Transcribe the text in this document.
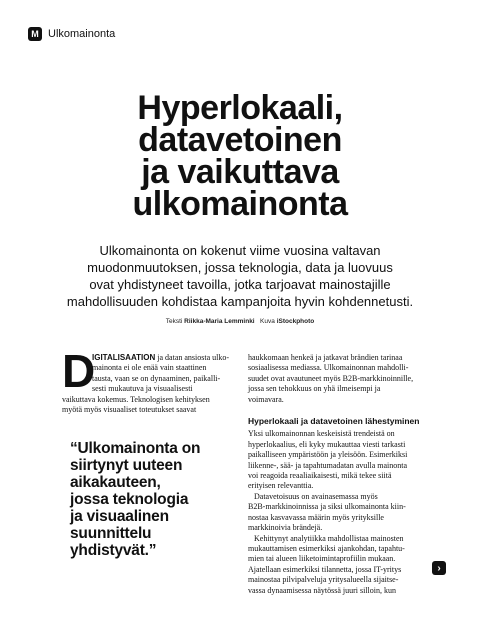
M Ulkomainonta
Hyperlokaali,
datavetoinen
ja vaikuttava
ulkomainonta
Ulkomainonta on kokenut viime vuosina valtavan
muodonmuutoksen, jossa teknologia, data ja luovuus
ovat yhdistyneet tavoilla, jotka tarjoavat mainostajille
mahdollisuuden kohdistaa kampanjoita hyvin kohdennetusti.
Teksti Riikka-Maria Lemminki Kuva iStockphoto
D
IGITALISAATION ja datan ansiosta ulko-
mainonta ei ole enää vain staattinen
tausta, vaan se on dynaaminen, paikalli-
sesti mukautuva ja visuaalisesti
vaikuttava kokemus. Teknologisen kehityksen
myötä myös visuaaliset toteutukset saavat
“Ulkomainonta on
siirtynyt uuteen
aikakauteen,
jossa teknologia
ja visuaalinen
suunnittelu
yhdistyvät.”
haukkomaan henkeä ja jatkavat brändien tarinaa
sosiaalisessa mediassa. Ulkomainonnan mahdolli-
suudet ovat avautuneet myös B2B-markkinoinnille,
jossa sen tehokkuus on yhä ilmeisempi ja
voimavara.
Hyperlokaali ja datavetoinen lähestyminen
Yksi ulkomainonnan keskeisistä trendeistä on
hyperlokaalius, eli kyky mukauttaa viesti tarkasti
paikalliseen ympäristöön ja yleisöön. Esimerkiksi
liikenne-, sää- ja tapahtumadatan avulla mainonta
voi reagoida reaaliaikaisesti, mikä tekee siitä
erityisen relevanttia.
Datavetoisuus on avainasemassa myös
B2B-markkinoinnissa ja siksi ulkomainonta kiin-
nostaa kasvavassa määrin myös yrityksille
markkinoivia brändejä.
Kehittynyt analytiikka mahdollistaa mainosten
mukauttamisen esimerkiksi ajankohdan, tapahtu-
mien tai alueen liiketoimintaprofiilin mukaan.
Ajatellaan esimerkiksi tilannetta, jossa IT-yritys
mainostaa pilvipalveluja yritysalueella sijaitse-
vassa dynaamisessa näytössä juuri silloin, kun
›
